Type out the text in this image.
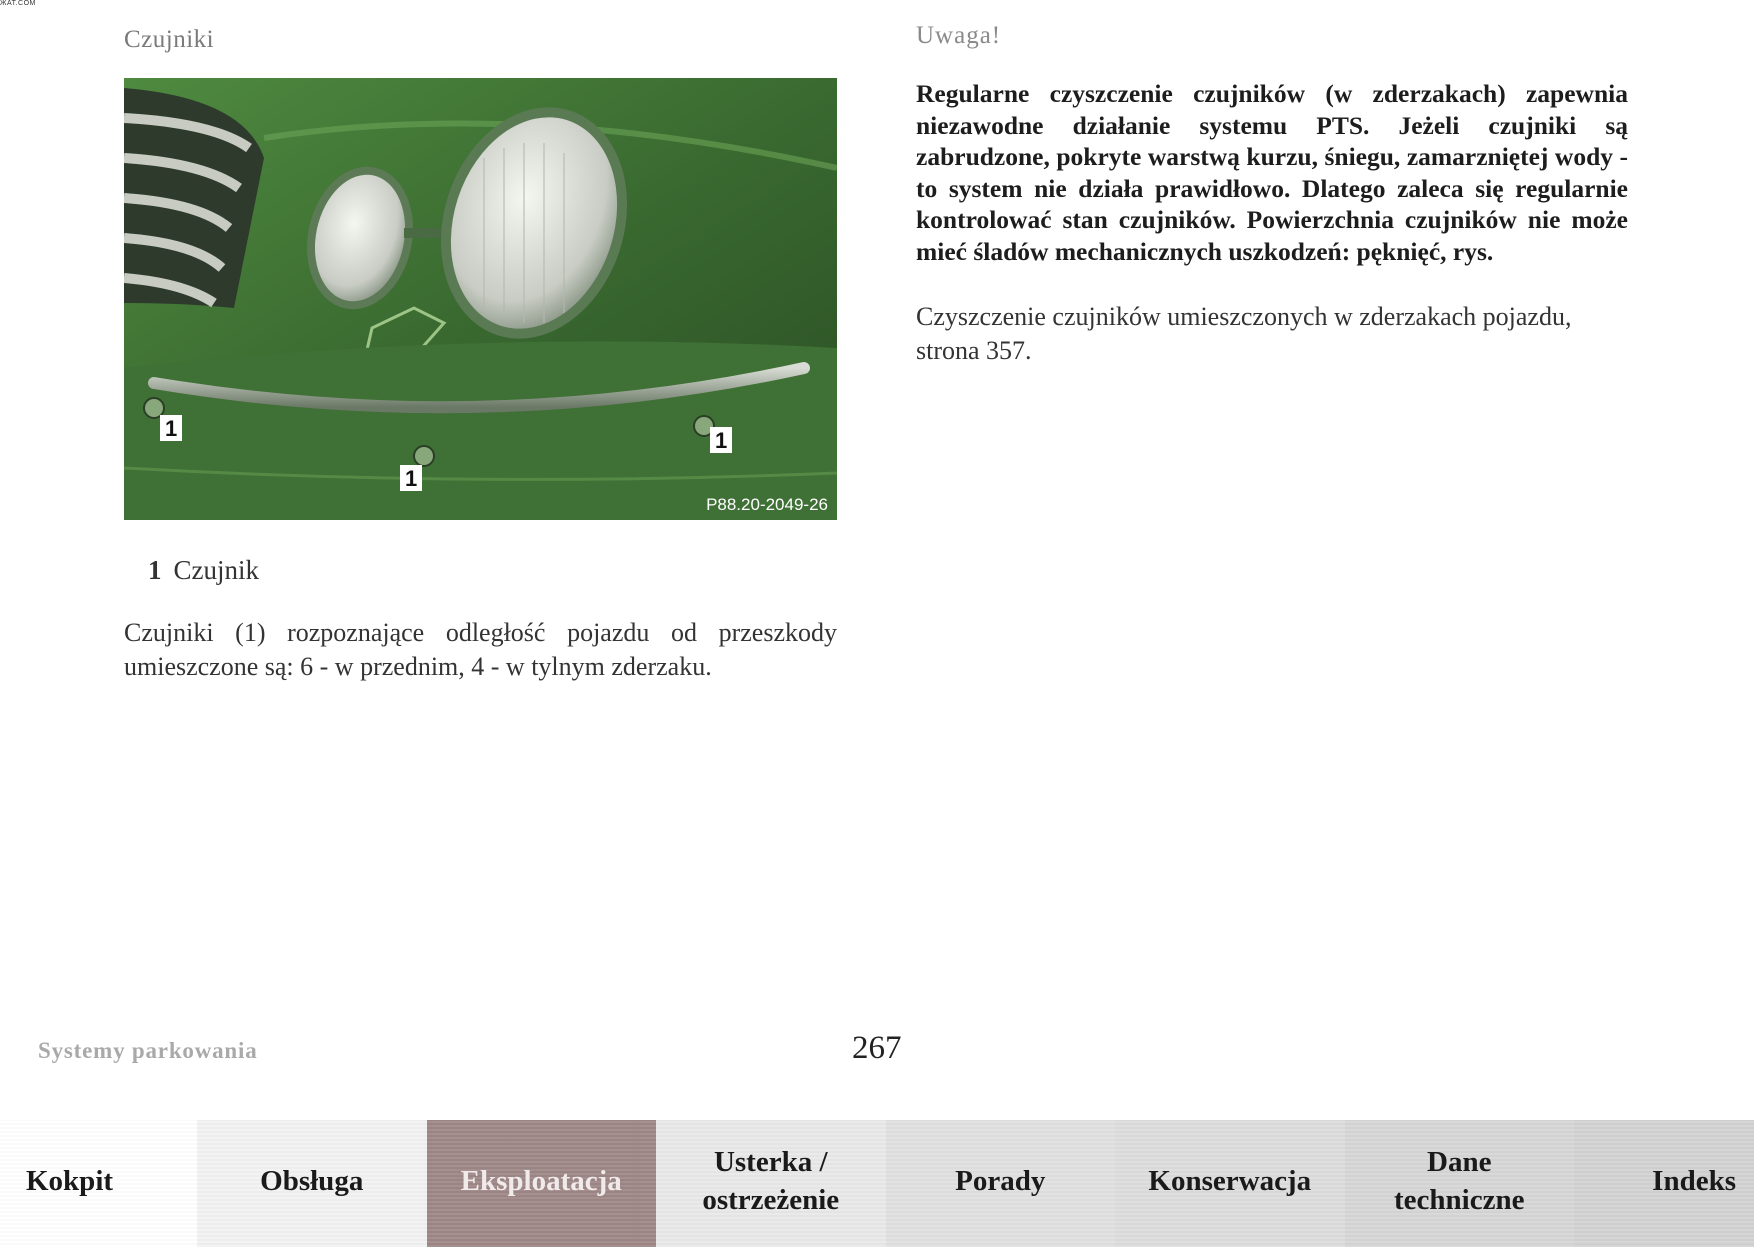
ЖАТ.COM
Czujniki	Uwaga!
1
1
1
P88.20-2049-26
1 Czujnik
Czujniki (1) rozpoznające odległość pojazdu od przeszkody umieszczone są: 6 - w przednim, 4 - w tylnym zderzaku.
Regularne czyszczenie czujników (w zderzakach) zapewnia niezawodne działanie systemu PTS. Jeżeli czujniki są zabrudzone, pokryte warstwą kurzu, śniegu, zamarzniętej wody - to system nie działa prawidłowo. Dlatego zaleca się regularnie kontrolować stan czujników. Powierzchnia czujników nie może mieć śladów mechanicznych uszkodzeń: pęknięć, rys.
Czyszczenie czujników umieszczonych w zderzakach pojazdu, strona 357.
Systemy parkowania	267
Kokpit	Obsługa	Eksploatacja
Usterka /
ostrzeżenie
Porady	Konserwacja
Dane
techniczne
Indeks
